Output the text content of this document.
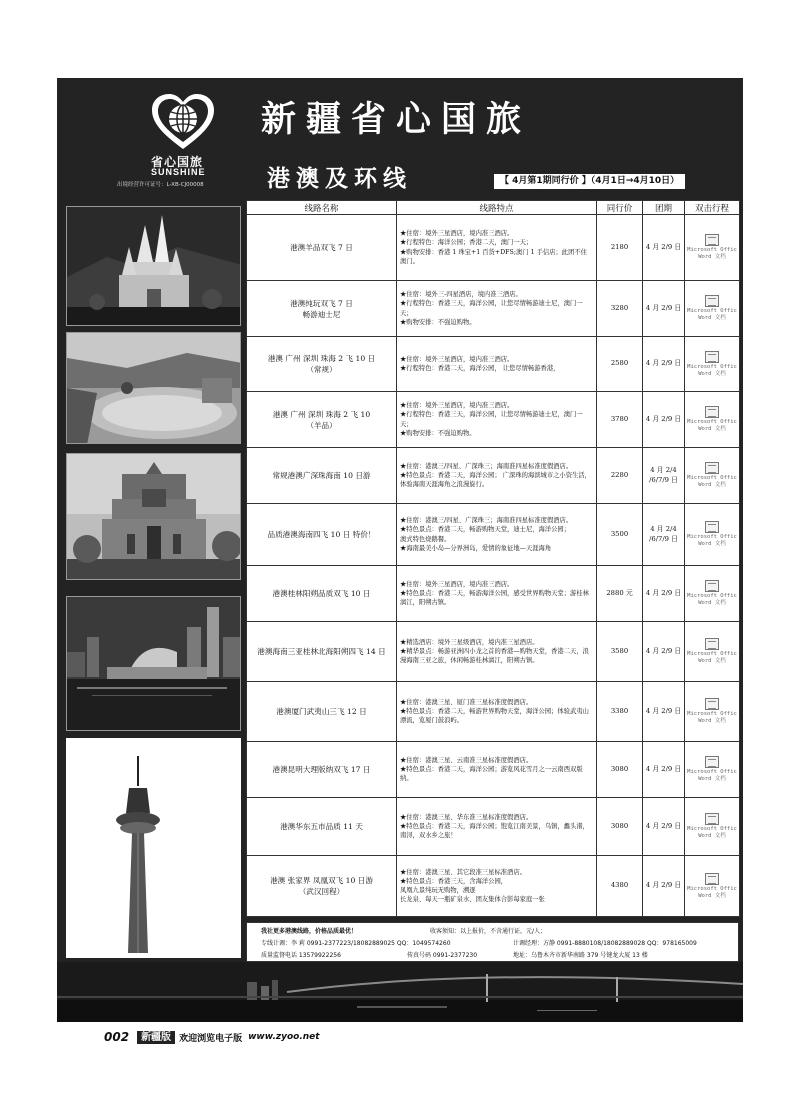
省心国旅
SUNSHINE
出境经营许可证号：L-XB-CJ00008
新疆省心国旅
港澳及环线	【 4月第1期同行价 】（4月1日→4月10日）
线路名称	线路特点	同行价	团期	双击行程

港澳羊品双飞 7 日	★住宿：境外三星酒店，境内准三酒店。
★行程特色：海洋公园；香港二天，澳门一天；
★购物安排：香港 1 珠宝+1 百货+DFS;澳门 1 手信店；此团不住澳门。	2180	4 月 2/9 日	Microsoft Offic
Word 文档

港澳纯玩双飞 7 日
畅游迪士尼	★住宿：境外三-四星酒店，境内准三酒店。
★行程特色：香港三天，海洋公园，让您尽情畅游迪士尼，澳门一天；
★购物安排：不强迫购物。	3280	4 月 2/9 日	Microsoft Offic
Word 文档

港澳 广州 深圳 珠海 2 飞 10 日
（常规）	★住宿：境外三星酒店，境内准三酒店。
★行程特色：香港二天，海洋公园， 让您尽情畅游香港，	2580	4 月 2/9 日	Microsoft Offic
Word 文档

港澳 广州 深圳 珠海 2 飞 10
（羊品）	★住宿：境外三星酒店，境内准三酒店。
★行程特色：香港三天，海洋公园，让您尽情畅游迪士尼，澳门一天；
★购物安排：不强迫购物。	3780	4 月 2/9 日	Microsoft Offic
Word 文档

常规港澳广深珠海南 10 日游	★住宿：港澳三/四星、广深珠三；海南准四星标准度假酒店。
★特色景点：香港二天，海洋公园； 广深珠的海滨城市之小资生活，体验海南天涯海角之浪漫旋行。	2280	4 月 2/4
/6/7/9 日	Microsoft Offic
Word 文档

品质港澳海南四飞 10 日 特价！	★住宿：港澳三/四星、广深珠三；海南准四星标准度假酒店。
★特色景点：香港二天，畅游购物天堂，迪士尼，海洋公园；
澳式特色烧鹅餐。
★海南最美小岛—分界洲岛，爱情的象征地—天涯海角	3500	4 月 2/4
/6/7/9 日	Microsoft Offic
Word 文档

港澳桂林阳朔品质双飞 10 日	★住宿：境外三星酒店，境内准三酒店。
★特色景点：香港二天，畅游海洋公园，感受世界购物天堂；游桂林漓江，阳朔古镇。	2880 元	4 月 2/9 日	Microsoft Offic
Word 文档

港澳海南三亚桂林北海阳朔四飞 14 日	★精选酒店：境外三星级酒店，境内准三星酒店。
★精华景点：畅游亚洲四小龙之首的香港—购物天堂，香港二天，浪漫海南三亚之旅，休闲畅游桂林漓江，阳朔古镇。	3580	4 月 2/9 日	Microsoft Offic
Word 文档

港澳厦门武夷山三飞 12 日	★住宿：港澳三星、厦门准三星标准度假酒店。
★特色景点：香港二天，畅游世界购物天堂，海洋公园；体验武夷山漂流，览厦门鼓浪屿。	3380	4 月 2/9 日	Microsoft Offic
Word 文档

港澳昆明大理版纳双飞 17 日	★住宿：港澳三星、云南准三星标准度假酒店。
★特色景点：香港二天，海洋公园；游览风花雪月之一云南西双版纳。	3080	4 月 2/9 日	Microsoft Offic
Word 文档

港澳华东五市品质 11 天	★住宿：港澳三星、华东准三星标准度假酒店。
★特色景点：香港二天，海洋公园；饱览江南美景，乌镇，蠡头渚，南浔，双水乡之旅！	3080	4 月 2/9 日	Microsoft Offic
Word 文档

港澳 张家界 凤凰双飞 10 日游
（武汉回程）	★住宿：港澳三星、其它段准三星标准酒店。
★特色景点：香港三天，含海洋公园，
凤凰九景纯玩无购物，溯逐
长龙泉、每天一瓶矿泉水、团友集体合影每家庭一张	4380	4 月 2/9 日	Microsoft Offic
Word 文档
我社更多港澳线路，价格品质最优！	收客须知：以上报价，不含通行证，元/人；
专线计调：李 莉 0991-2377223/18082889025 QQ：1049574260	计调经理：方静 0991-8880108/18082889028 QQ：978165009
质量监督电话 13579922256	传真号码 0991-2377230	地址：乌鲁木齐市新华南路 379 号键龙大厦 13 楼
002	新疆版 欢迎浏览电子版 www.zyoo.net
